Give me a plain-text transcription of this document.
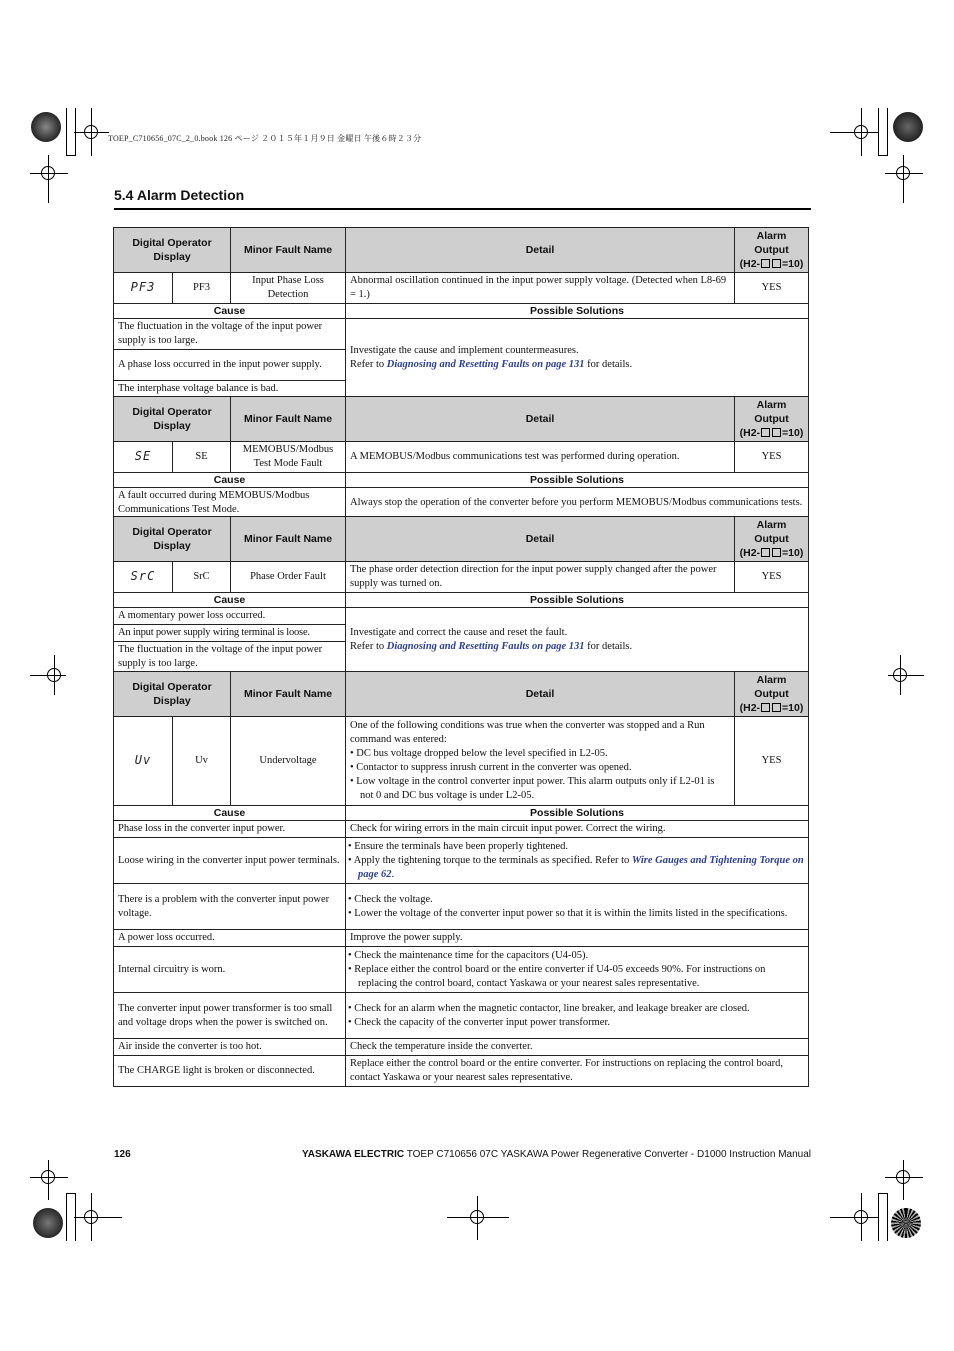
TOEP_C710656_07C_2_0.book 126 ページ ２０１５年１月９日 金曜日 午後６時２３分
5.4 Alarm Detection
Digital Operator Display		Minor Fault Name	Detail	Alarm Output
(H2- =10)
PF3	PF3	Input Phase Loss Detection	Abnormal oscillation continued in the input power supply voltage. (Detected when L8-69 = 1.)	YES
Cause			Possible Solutions	
The fluctuation in the voltage of the input power supply is too large.			Investigate the cause and implement countermeasures.
Refer to Diagnosing and Resetting Faults on page 131 for details.	
A phase loss occurred in the input power supply.				
The interphase voltage balance is bad.				
Digital Operator Display		Minor Fault Name	Detail	Alarm Output
(H2- =10)
SE	SE	MEMOBUS/Modbus Test Mode Fault	A MEMOBUS/Modbus communications test was performed during operation.	YES
Cause			Possible Solutions	
A fault occurred during MEMOBUS/Modbus Communications Test Mode.			Always stop the operation of the converter before you perform MEMOBUS/Modbus communications tests.	
Digital Operator Display		Minor Fault Name	Detail	Alarm Output
(H2- =10)
SrC	SrC	Phase Order Fault	The phase order detection direction for the input power supply changed after the power supply was turned on.	YES
Cause			Possible Solutions	
A momentary power loss occurred.			Investigate and correct the cause and reset the fault.
Refer to Diagnosing and Resetting Faults on page 131 for details.	
An input power supply wiring terminal is loose.				
The fluctuation in the voltage of the input power supply is too large.				
Digital Operator Display		Minor Fault Name	Detail	Alarm Output
(H2- =10)
Uv	Uv	Undervoltage	One of the following conditions was true when the converter was stopped and a Run command was entered:
• DC bus voltage dropped below the level specified in L2-05.
• Contactor to suppress inrush current in the converter was opened.
• Low voltage in the control converter input power. This alarm outputs only if L2-01 is not 0 and DC bus voltage is under L2-05.	YES
Cause			Possible Solutions	
Phase loss in the converter input power.			Check for wiring errors in the main circuit input power. Correct the wiring.	
Loose wiring in the converter input power terminals.			• Ensure the terminals have been properly tightened.
• Apply the tightening torque to the terminals as specified. Refer to Wire Gauges and Tightening Torque on page 62.	

There is a problem with the converter input power voltage.			• Check the voltage.
• Lower the voltage of the converter input power so that it is within the limits listed in the specifications.	

A power loss occurred.			Improve the power supply.	
Internal circuitry is worn.			• Check the maintenance time for the capacitors (U4-05).
• Replace either the control board or the entire converter if U4-05 exceeds 90%. For instructions on replacing the control board, contact Yaskawa or your nearest sales representative.	

The converter input power transformer is too small and voltage drops when the power is switched on.			• Check for an alarm when the magnetic contactor, line breaker, and leakage breaker are closed.
• Check the capacity of the converter input power transformer.	

Air inside the converter is too hot.			Check the temperature inside the converter.	
The CHARGE light is broken or disconnected.			Replace either the control board or the entire converter. For instructions on replacing the control board, contact Yaskawa or your nearest sales representative.	
126	YASKAWA ELECTRIC TOEP C710656 07C YASKAWA Power Regenerative Converter - D1000 Instruction Manual
